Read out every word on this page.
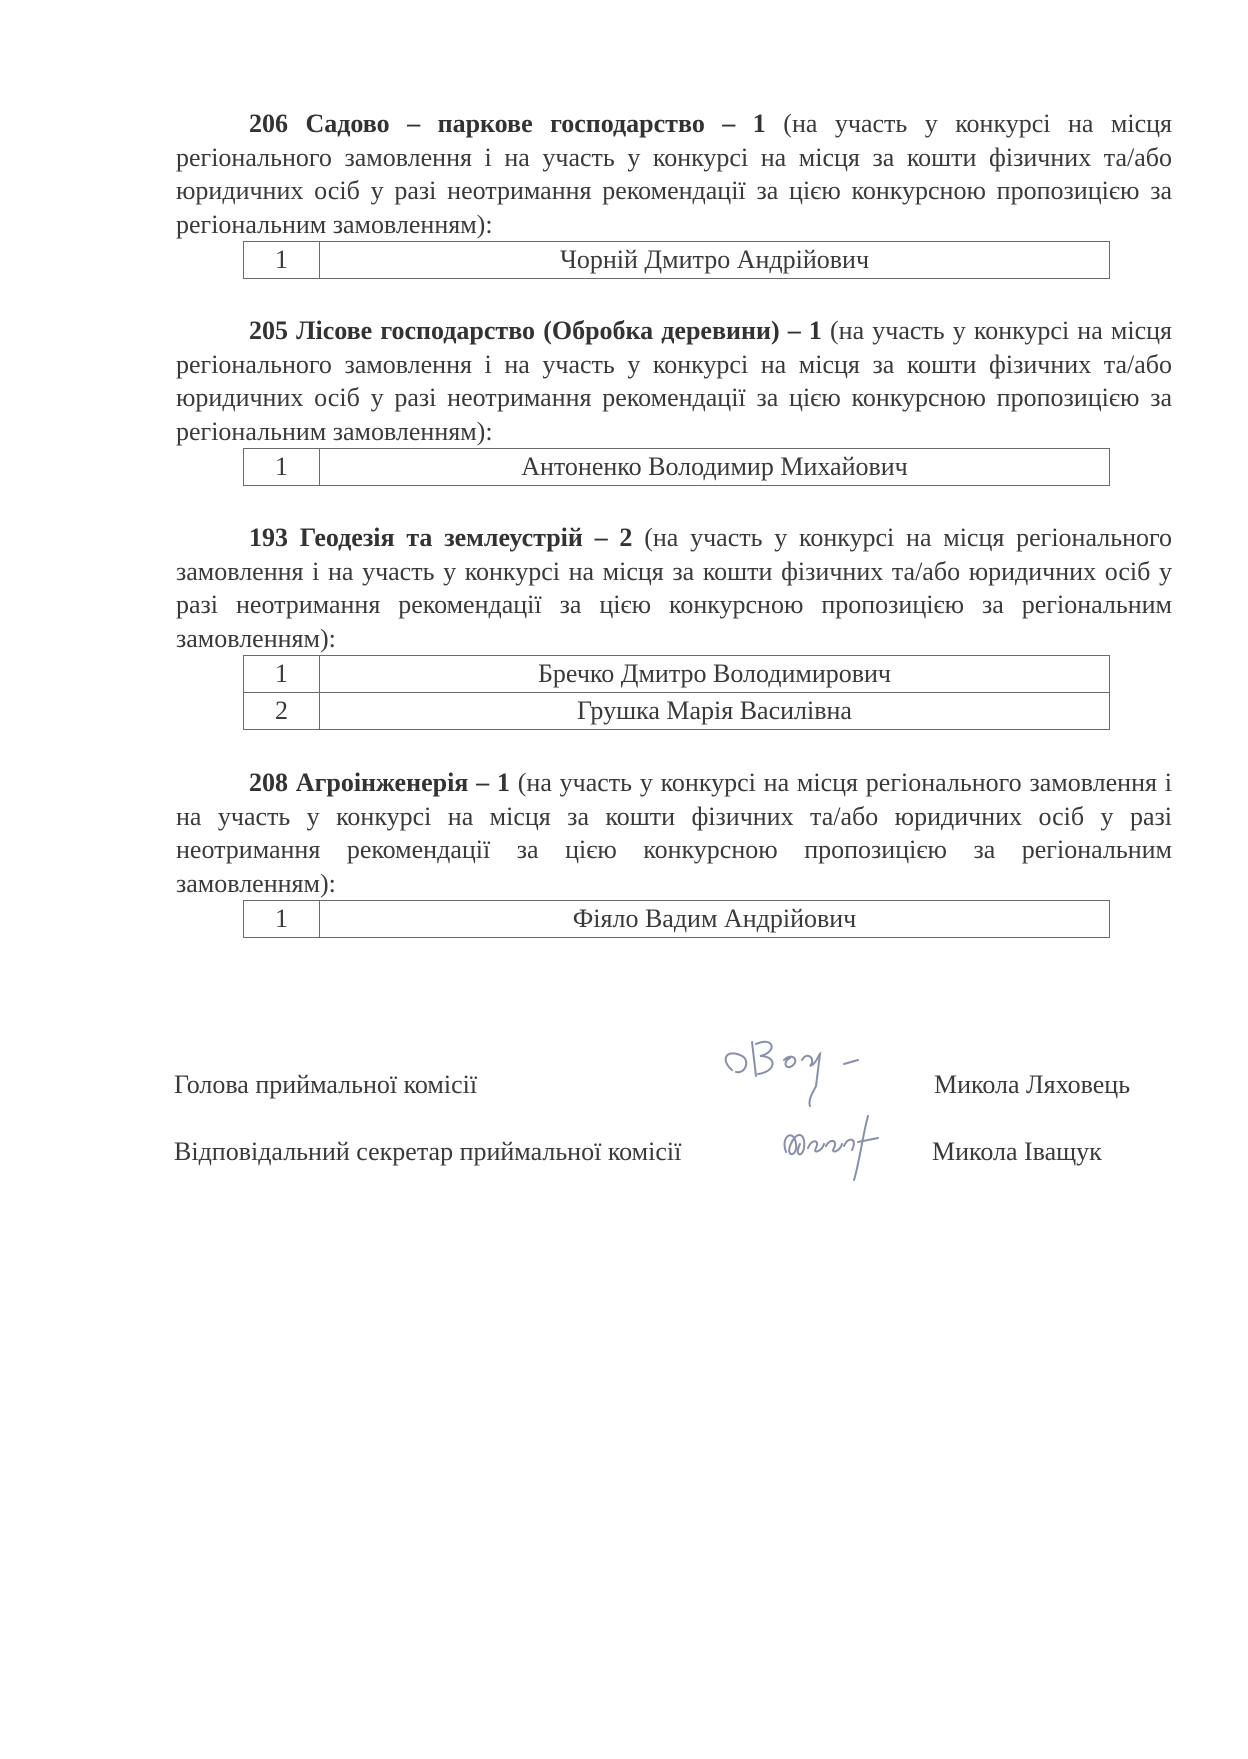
206 Садово – паркове господарство – 1 (на участь у конкурсі на місця регіонального замовлення і на участь у конкурсі на місця за кошти фізичних та/або юридичних осіб у разі неотримання рекомендації за цією конкурсною пропозицією за регіональним замовленням):

1	Чорній Дмитро Андрійович

205 Лісове господарство (Обробка деревини) – 1 (на участь у конкурсі на місця регіонального замовлення і на участь у конкурсі на місця за кошти фізичних та/або юридичних осіб у разі неотримання рекомендації за цією конкурсною пропозицією за регіональним замовленням):

1	Антоненко Володимир Михайович

193 Геодезія та землеустрій – 2 (на участь у конкурсі на місця регіонального замовлення і на участь у конкурсі на місця за кошти фізичних та/або юридичних осіб у разі неотримання рекомендації за цією конкурсною пропозицією за регіональним замовленням):

1	Бречко Дмитро Володимирович
2	Грушка Марія Василівна

208 Агроінженерія – 1 (на участь у конкурсі на місця регіонального замовлення і на участь у конкурсі на місця за кошти фізичних та/або юридичних осіб у разі неотримання рекомендації за цією конкурсною пропозицією за регіональним замовленням):

1	Фіяло Вадим Андрійович
Голова приймальної комісії	Микола Ляховець
Відповідальний секретар приймальної комісії	Микола Іващук
